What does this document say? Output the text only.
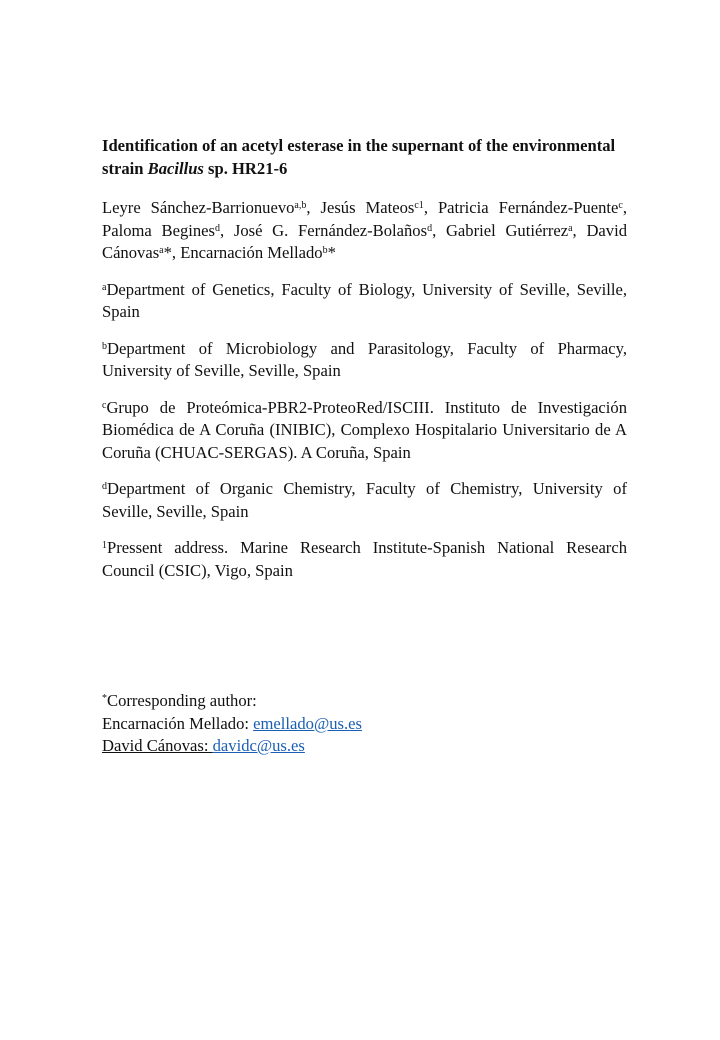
Identification of an acetyl esterase in the supernant of the environmental strain Bacillus sp. HR21-6

Leyre Sánchez-Barrionuevo$^{a,b}$, Jesús Mateos$^{c1}$, Patricia Fernández-Puente$^c$, Paloma Begines$^d$, José G. Fernández-Bolaños$^d$, Gabriel Gutiérrez$^a$, David Cánovas$^a$*, Encarnación Mellado$^b$*

$^a$Department of Genetics, Faculty of Biology, University of Seville, Seville, Spain

$^b$Department of Microbiology and Parasitology, Faculty of Pharmacy, University of Seville, Seville, Spain

$^c$Grupo de Proteómica-PBR2-ProteoRed/ISCIII. Instituto de Investigación Biomédica de A Coruña (INIBIC), Complexo Hospitalario Universitario de A Coruña (CHUAC-SERGAS). A Coruña, Spain

$^d$Department of Organic Chemistry, Faculty of Chemistry, University of Seville, Seville, Spain

$^1$Pressent address. Marine Research Institute-Spanish National Research Council (CSIC), Vigo, Spain

*Corresponding author:

Encarnación Mellado: emellado@us.es

David Cánovas: davidc@us.es
